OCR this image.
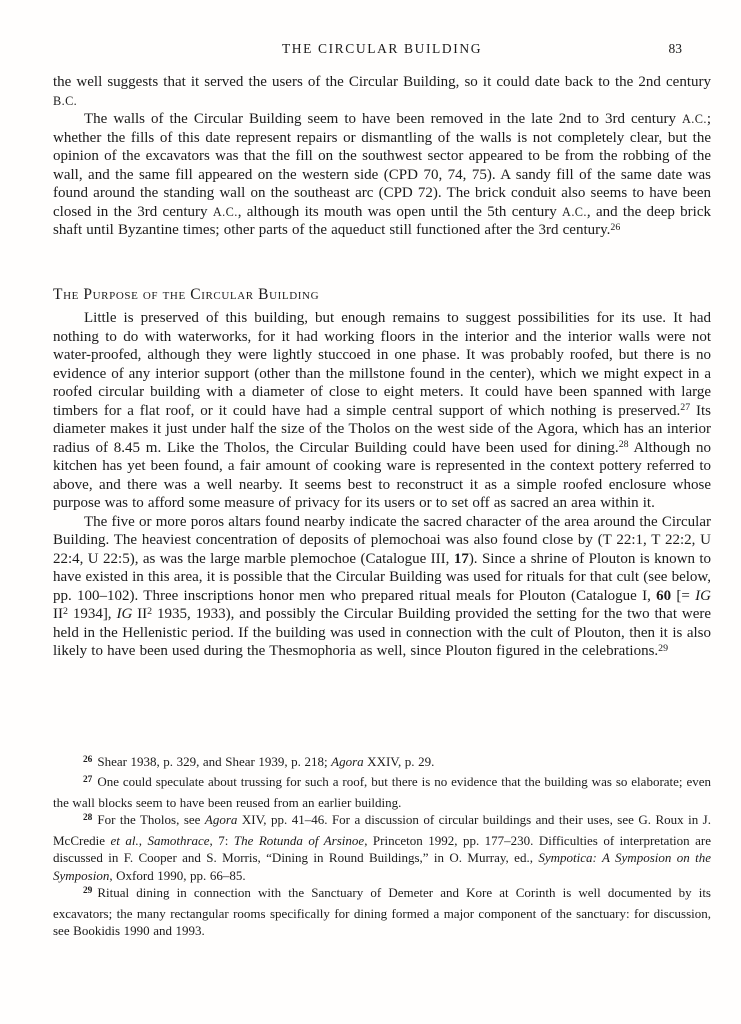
THE CIRCULAR BUILDING	83

the well suggests that it served the users of the Circular Building, so it could date back to the 2nd century B.C.

The walls of the Circular Building seem to have been removed in the late 2nd to 3rd century A.C.; whether the fills of this date represent repairs or dismantling of the walls is not completely clear, but the opinion of the excavators was that the fill on the southwest sector appeared to be from the robbing of the wall, and the same fill appeared on the western side (CPD 70, 74, 75). A sandy fill of the same date was found around the standing wall on the southeast arc (CPD 72). The brick conduit also seems to have been closed in the 3rd century A.C., although its mouth was open until the 5th century A.C., and the deep brick shaft until Byzantine times; other parts of the aqueduct still functioned after the 3rd century.$^{26}$

The Purpose of the Circular Building

Little is preserved of this building, but enough remains to suggest possibilities for its use. It had nothing to do with waterworks, for it had working floors in the interior and the interior walls were not water-proofed, although they were lightly stuccoed in one phase. It was probably roofed, but there is no evidence of any interior support (other than the millstone found in the center), which we might expect in a roofed circular building with a diameter of close to eight meters. It could have been spanned with large timbers for a flat roof, or it could have had a simple central support of which nothing is preserved.$^{27}$ Its diameter makes it just under half the size of the Tholos on the west side of the Agora, which has an interior radius of 8.45 m. Like the Tholos, the Circular Building could have been used for dining.$^{28}$ Although no kitchen has yet been found, a fair amount of cooking ware is represented in the context pottery referred to above, and there was a well nearby. It seems best to reconstruct it as a simple roofed enclosure whose purpose was to afford some measure of privacy for its users or to set off as sacred an area within it.

The five or more poros altars found nearby indicate the sacred character of the area around the Circular Building. The heaviest concentration of deposits of plemochoai was also found close by (T 22:1, T 22:2, U 22:4, U 22:5), as was the large marble plemochoe (Catalogue III, 17). Since a shrine of Plouton is known to have existed in this area, it is possible that the Circular Building was used for rituals for that cult (see below, pp. 100–102). Three inscriptions honor men who prepared ritual meals for Plouton (Catalogue I, 60 [= IG $II^2$ 1934], IG $II^2$ 1935, 1933), and possibly the Circular Building provided the setting for the two that were held in the Hellenistic period. If the building was used in connection with the cult of Plouton, then it is also likely to have been used during the Thesmophoria as well, since Plouton figured in the celebrations.$^{29}$

$^{26}$ Shear 1938, p. 329, and Shear 1939, p. 218; Agora XXIV, p. 29.

$^{27}$ One could speculate about trussing for such a roof, but there is no evidence that the building was so elaborate; even the wall blocks seem to have been reused from an earlier building.

$^{28}$ For the Tholos, see Agora XIV, pp. 41–46. For a discussion of circular buildings and their uses, see G. Roux in J. McCredie et al., Samothrace, 7: The Rotunda of Arsinoe, Princeton 1992, pp. 177–230. Difficulties of interpretation are discussed in F. Cooper and S. Morris, “Dining in Round Buildings,” in O. Murray, ed., Sympotica: A Symposion on the Symposion, Oxford 1990, pp. 66–85.

$^{29}$ Ritual dining in connection with the Sanctuary of Demeter and Kore at Corinth is well documented by its excavators; the many rectangular rooms specifically for dining formed a major component of the sanctuary: for discussion, see Bookidis 1990 and 1993.
